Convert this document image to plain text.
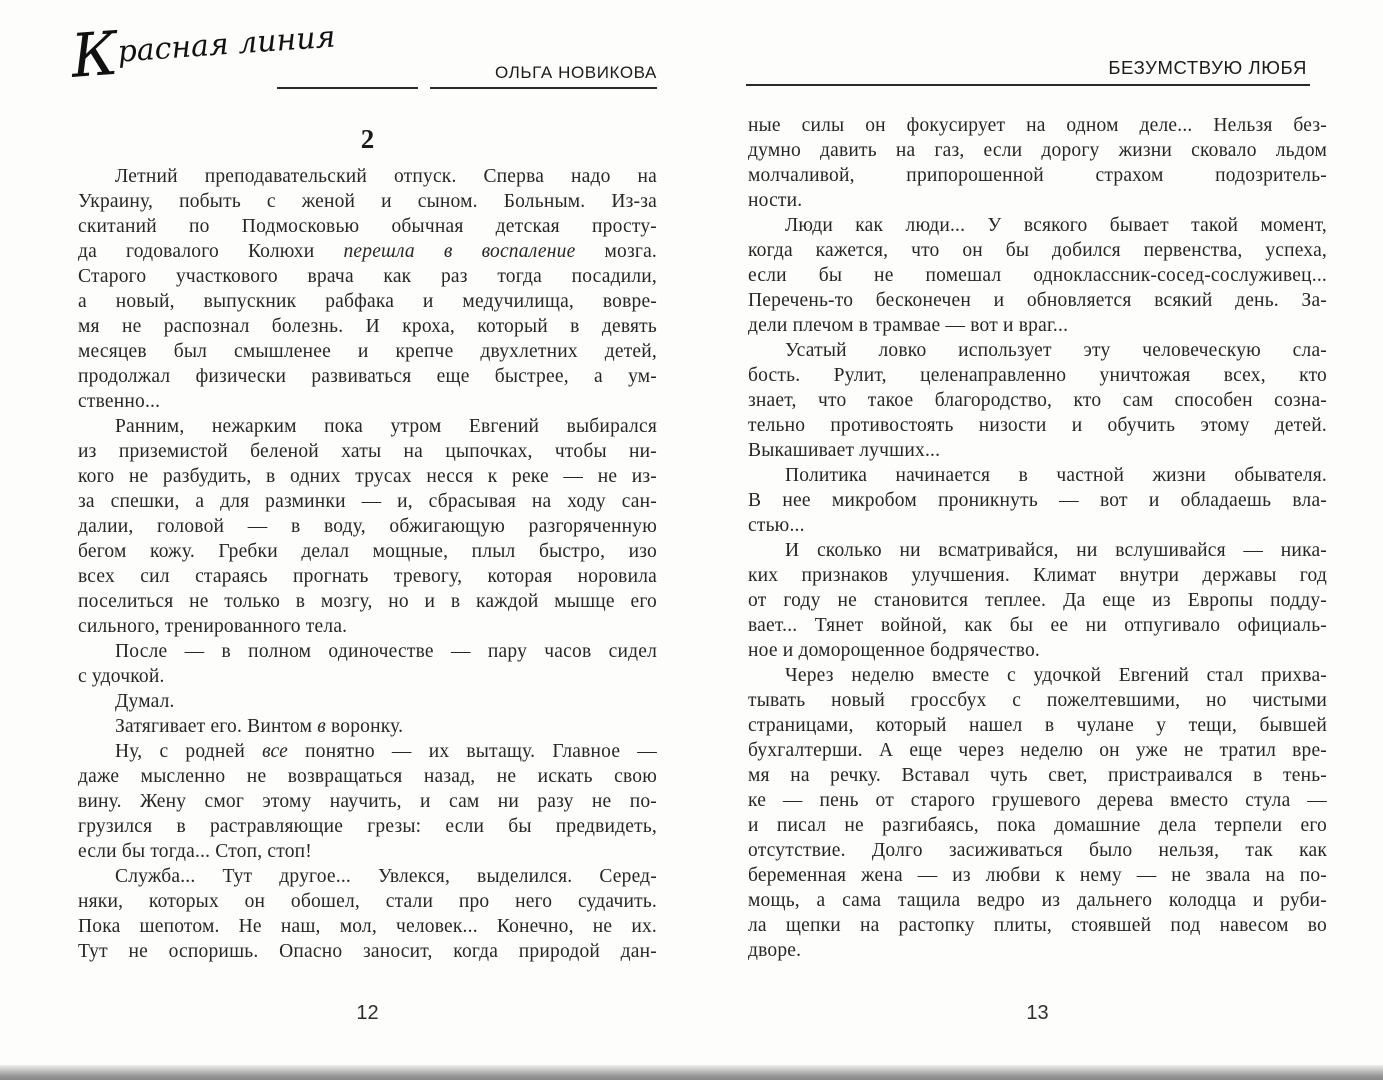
Красная линия
ОЛЬГА НОВИКОВА	БЕЗУМСТВУЮ ЛЮБЯ
2
Летний преподавательский отпуск. Сперва надо на
Украину, побыть с женой и сыном. Больным. Из-за
скитаний по Подмосковью обычная детская просту-
да годовалого Колюхи перешла в воспаление мозга.
Старого участкового врача как раз тогда посадили,
а новый, выпускник рабфака и медучилища, вовре-
мя не распознал болезнь. И кроха, который в девять
месяцев был смышленее и крепче двухлетних детей,
продолжал физически развиваться еще быстрее, а ум-
ственно...
Ранним, нежарким пока утром Евгений выбирался
из приземистой беленой хаты на цыпочках, чтобы ни-
кого не разбудить, в одних трусах несся к реке — не из-
за спешки, а для разминки — и, сбрасывая на ходу сан-
далии, головой — в воду, обжигающую разгоряченную
бегом кожу. Гребки делал мощные, плыл быстро, изо
всех сил стараясь прогнать тревогу, которая норовила
поселиться не только в мозгу, но и в каждой мышце его
сильного, тренированного тела.
После — в полном одиночестве — пару часов сидел
с удочкой.
Думал.
Затягивает его. Винтом в воронку.
Ну, с родней все понятно — их вытащу. Главное —
даже мысленно не возвращаться назад, не искать свою
вину. Жену смог этому научить, и сам ни разу не по-
грузился в растравляющие грезы: если бы предвидеть,
если бы тогда... Стоп, стоп!
Служба... Тут другое... Увлекся, выделился. Серед-
няки, которых он обошел, стали про него судачить.
Пока шепотом. Не наш, мол, человек... Конечно, не их.
Тут не оспоришь. Опасно заносит, когда природой дан-
ные силы он фокусирует на одном деле... Нельзя без-
думно давить на газ, если дорогу жизни сковало льдом
молчаливой, припорошенной страхом подозритель-
ности.
Люди как люди... У всякого бывает такой момент,
когда кажется, что он бы добился первенства, успеха,
если бы не помешал одноклассник-сосед-сослуживец...
Перечень-то бесконечен и обновляется всякий день. За-
дели плечом в трамвае — вот и враг...
Усатый ловко использует эту человеческую сла-
бость. Рулит, целенаправленно уничтожая всех, кто
знает, что такое благородство, кто сам способен созна-
тельно противостоять низости и обучить этому детей.
Выкашивает лучших...
Политика начинается в частной жизни обывателя.
В нее микробом проникнуть — вот и обладаешь вла-
стью...
И сколько ни всматривайся, ни вслушивайся — ника-
ких признаков улучшения. Климат внутри державы год
от году не становится теплее. Да еще из Европы подду-
вает... Тянет войной, как бы ее ни отпугивало официаль-
ное и доморощенное бодрячество.
Через неделю вместе с удочкой Евгений стал прихва-
тывать новый гроссбух с пожелтевшими, но чистыми
страницами, который нашел в чулане у тещи, бывшей
бухгалтерши. А еще через неделю он уже не тратил вре-
мя на речку. Вставал чуть свет, пристраивался в тень-
ке — пень от старого грушевого дерева вместо стула —
и писал не разгибаясь, пока домашние дела терпели его
отсутствие. Долго засиживаться было нельзя, так как
беременная жена — из любви к нему — не звала на по-
мощь, а сама тащила ведро из дальнего колодца и руби-
ла щепки на растопку плиты, стоявшей под навесом во
дворе.
12	13
